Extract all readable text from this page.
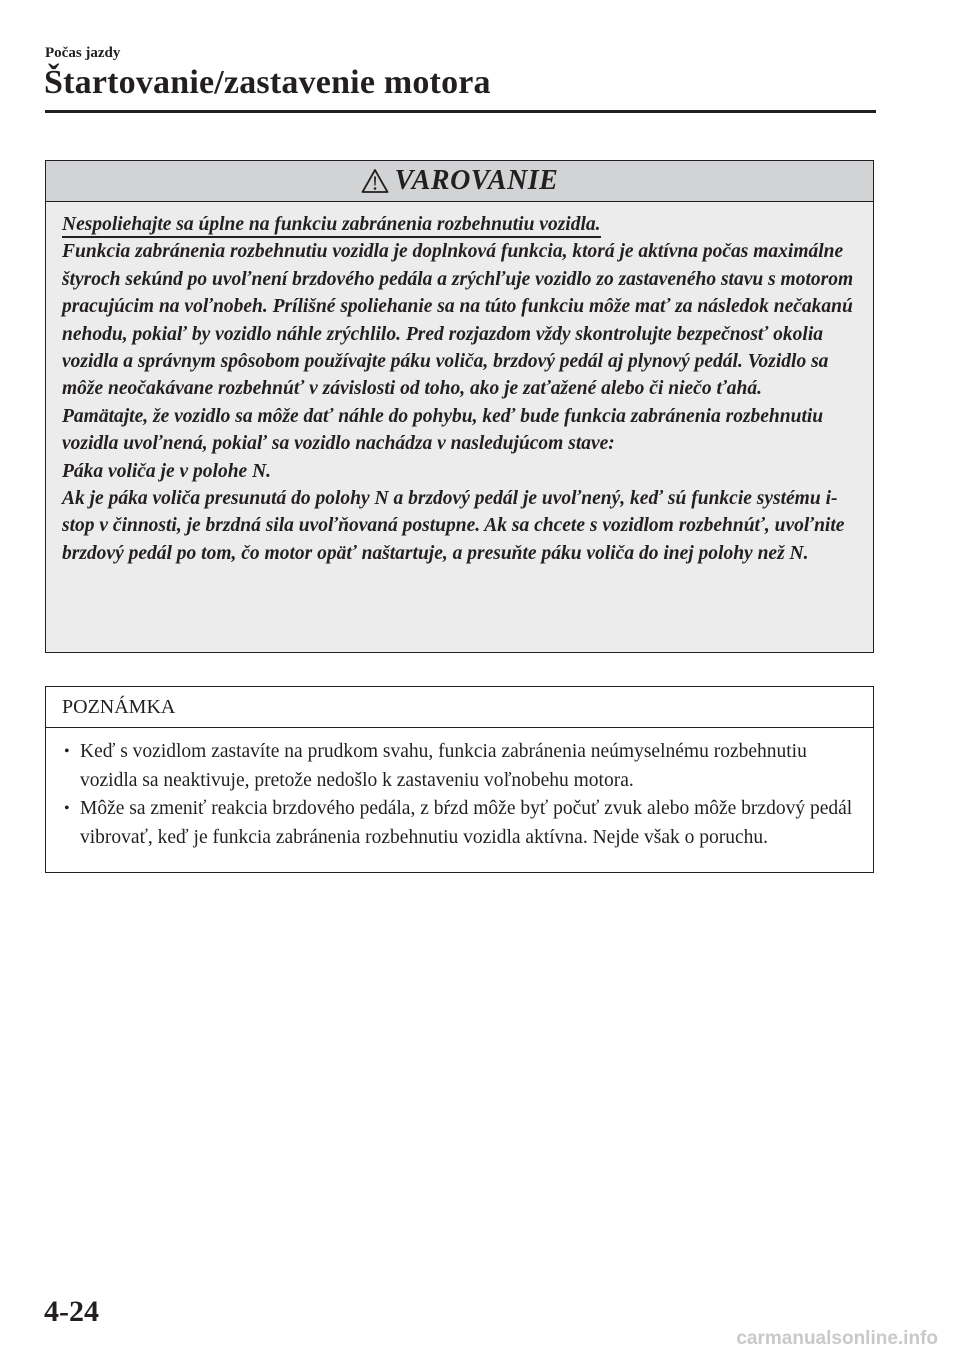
Počas jazdy
Štartovanie/zastavenie motora
VAROVANIE

Nespoliehajte sa úplne na funkciu zabránenia rozbehnutiu vozidla.

Funkcia zabránenia rozbehnutiu vozidla je doplnková funkcia, ktorá je aktívna počas maximálne štyroch sekúnd po uvoľnení brzdového pedála a zrýchľuje vozidlo zo zastaveného stavu s motorom pracujúcim na voľnobeh. Prílišné spoliehanie sa na túto funkciu môže mať za následok nečakanú nehodu, pokiaľ by vozidlo náhle zrýchlilo. Pred rozjazdom vždy skontrolujte bezpečnosť okolia vozidla a správnym spôsobom používajte páku voliča, brzdový pedál aj plynový pedál. Vozidlo sa môže neočakávane rozbehnúť v závislosti od toho, ako je zaťažené alebo či niečo ťahá.

Pamätajte, že vozidlo sa môže dať náhle do pohybu, keď bude funkcia zabránenia rozbehnutiu vozidla uvoľnená, pokiaľ sa vozidlo nachádza v nasledujúcom stave:

Páka voliča je v polohe N.

Ak je páka voliča presunutá do polohy N a brzdový pedál je uvoľnený, keď sú funkcie systému i-stop v činnosti, je brzdná sila uvoľňovaná postupne. Ak sa chcete s vozidlom rozbehnúť, uvoľnite brzdový pedál po tom, čo motor opäť naštartuje, a presuňte páku voliča do inej polohy než N.

POZNÁMKA
• Keď s vozidlom zastavíte na prudkom svahu, funkcia zabránenia neúmyselnému rozbehnutiu vozidla sa neaktivuje, pretože nedošlo k zastaveniu voľnobehu motora.
• Môže sa zmeniť reakcia brzdového pedála, z bŕzd môže byť počuť zvuk alebo môže brzdový pedál vibrovať, keď je funkcia zabránenia rozbehnutiu vozidla aktívna. Nejde však o poruchu.
4-24
carmanualsonline.info
